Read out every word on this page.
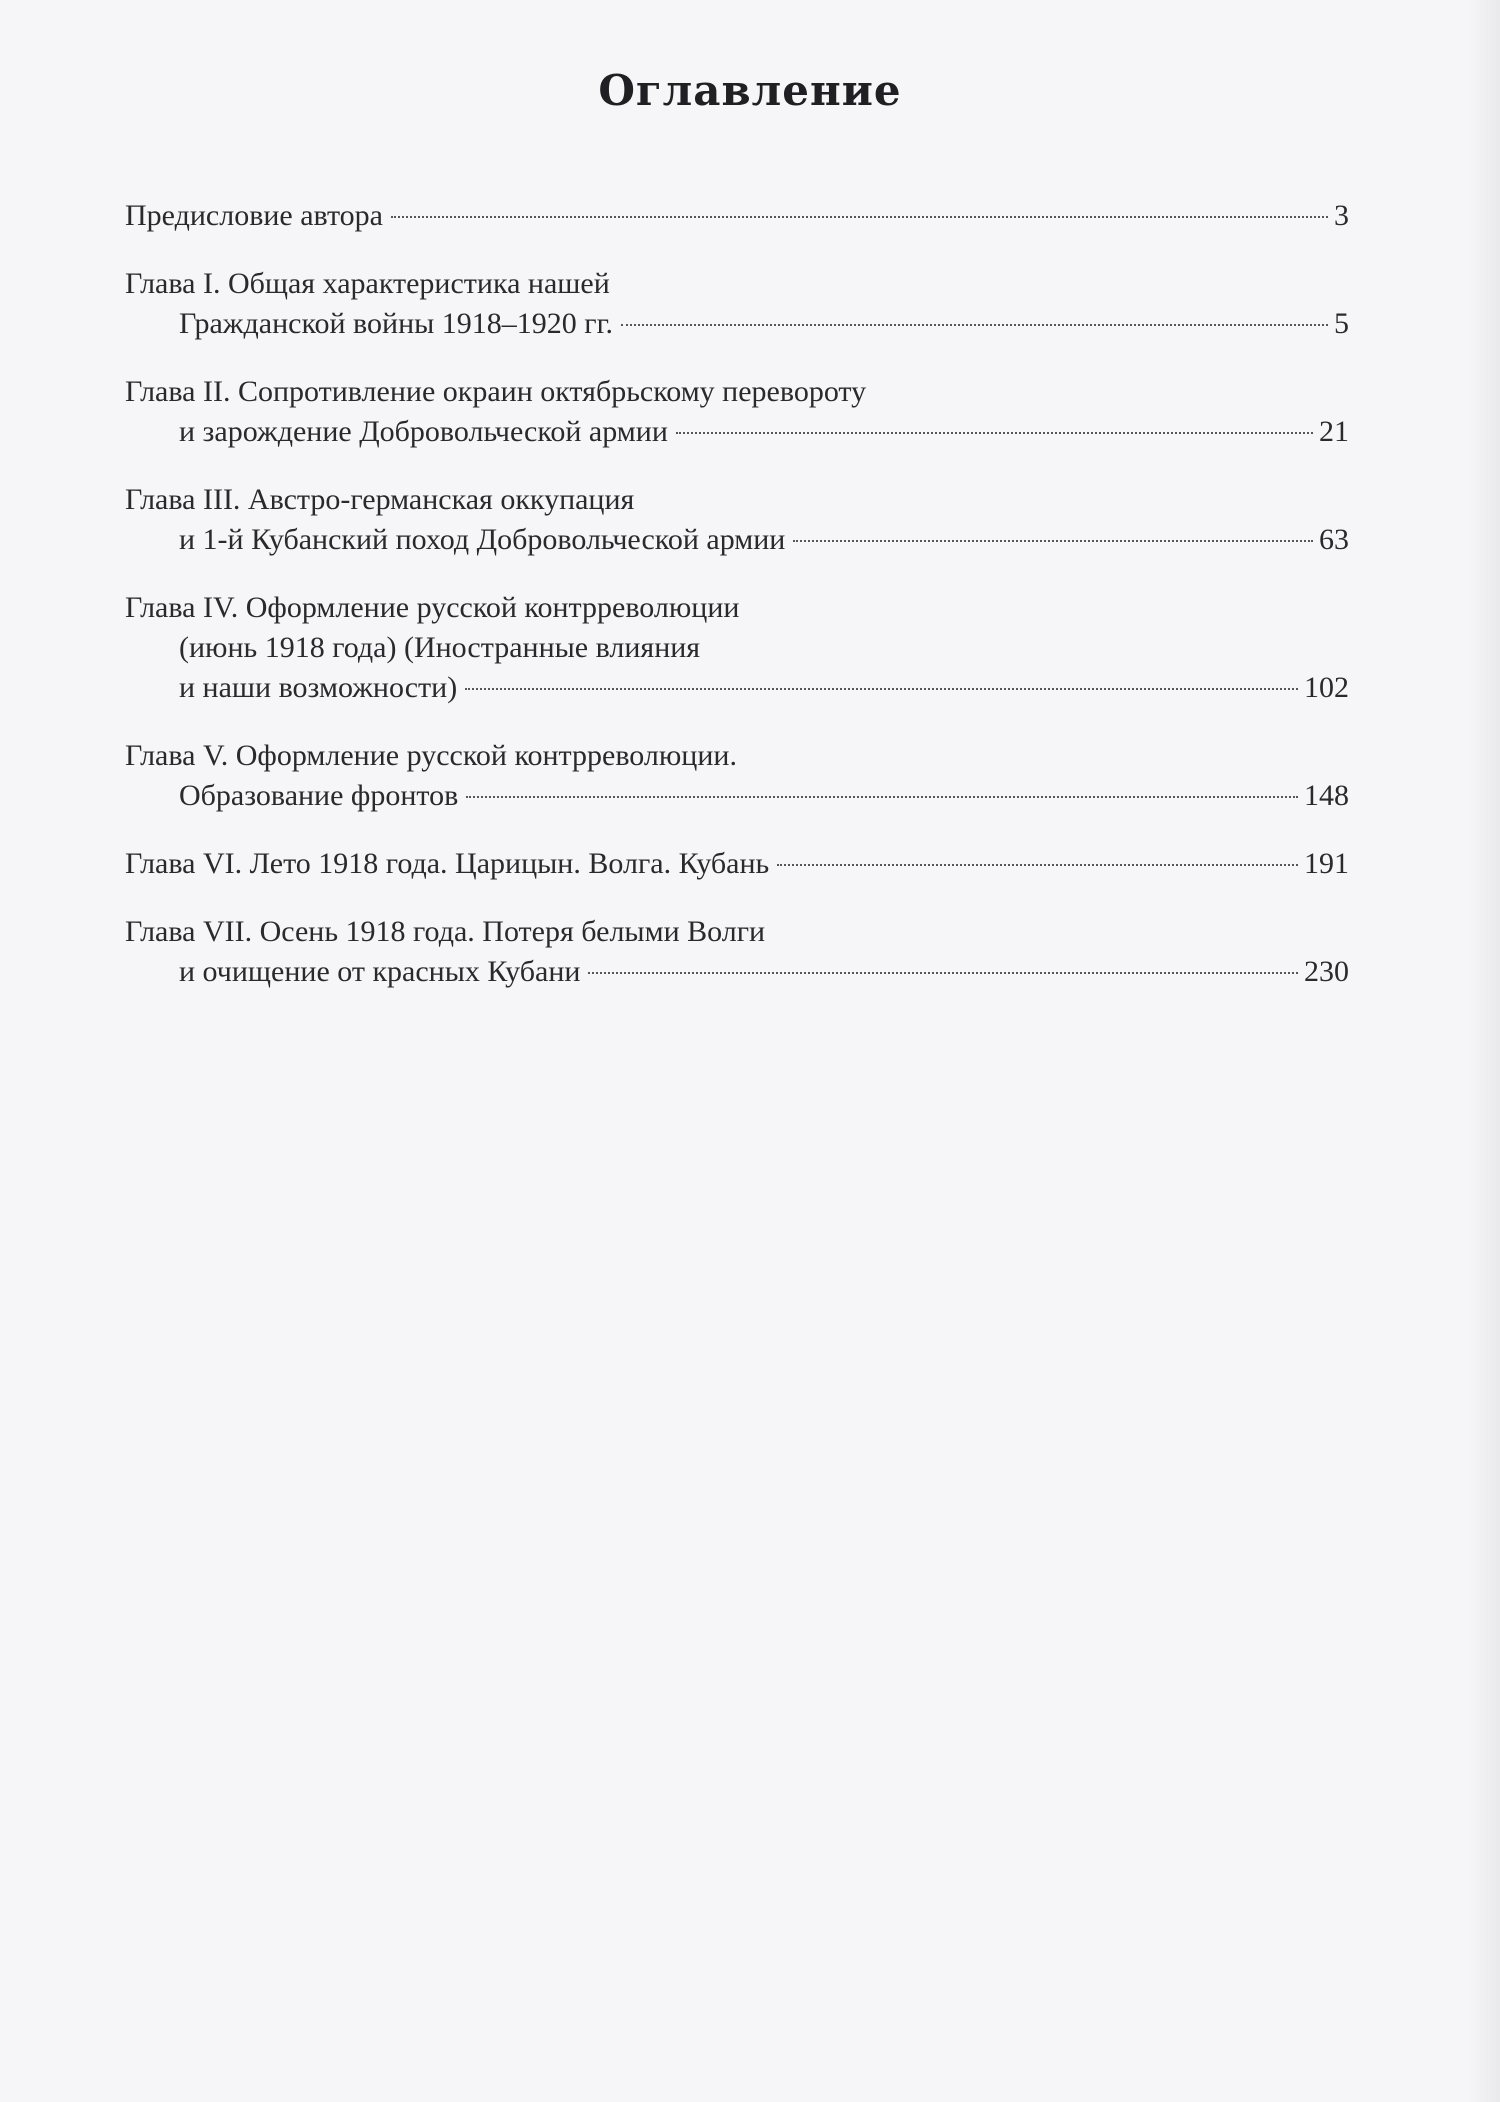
Оглавление
Предисловие автора	3
Глава I. Общая характеристика нашей
Гражданской войны 1918–1920 гг.	5
Глава II. Сопротивление окраин октябрьскому перевороту
и зарождение Добровольческой армии	21
Глава III. Австро-германская оккупация
и 1-й Кубанский поход Добровольческой армии	63
Глава IV. Оформление русской контрреволюции
(июнь 1918 года) (Иностранные влияния
и наши возможности)	102
Глава V. Оформление русской контрреволюции.
Образование фронтов	148
Глава VI. Лето 1918 года. Царицын. Волга. Кубань	191
Глава VII. Осень 1918 года. Потеря белыми Волги
и очищение от красных Кубани	230
